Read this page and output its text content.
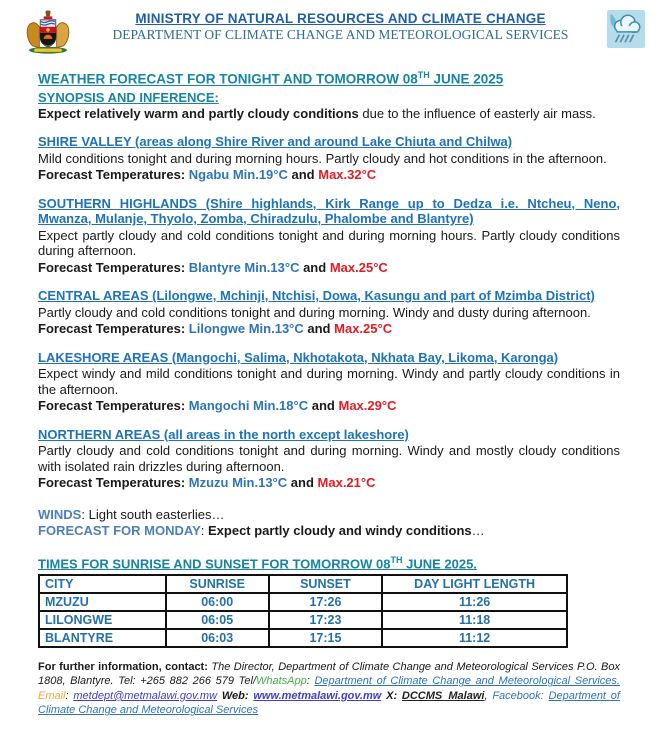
MINISTRY OF NATURAL RESOURCES AND CLIMATE CHANGE
DEPARTMENT OF CLIMATE CHANGE AND METEOROLOGICAL SERVICES
WEATHER FORECAST FOR TONIGHT AND TOMORROW 08TH JUNE 2025
SYNOPSIS AND INFERENCE:

Expect relatively warm and partly cloudy conditions due to the influence of easterly air mass.

SHIRE VALLEY (areas along Shire River and around Lake Chiuta and Chilwa)

Mild conditions tonight and during morning hours. Partly cloudy and hot conditions in the afternoon.

Forecast Temperatures: Ngabu Min.19°C and Max.32°C

SOUTHERN HIGHLANDS (Shire highlands, Kirk Range up to Dedza i.e. Ntcheu, Neno, Mwanza, Mulanje, Thyolo, Zomba, Chiradzulu, Phalombe and Blantyre)

Expect partly cloudy and cold conditions tonight and during morning hours. Partly cloudy conditions during afternoon.

Forecast Temperatures: Blantyre Min.13°C and Max.25°C

CENTRAL AREAS (Lilongwe, Mchinji, Ntchisi, Dowa, Kasungu and part of Mzimba District)

Partly cloudy and cold conditions tonight and during morning. Windy and dusty during afternoon.

Forecast Temperatures: Lilongwe Min.13°C and Max.25°C

LAKESHORE AREAS (Mangochi, Salima, Nkhotakota, Nkhata Bay, Likoma, Karonga)

Expect windy and mild conditions tonight and during morning. Windy and partly cloudy conditions in the afternoon.

Forecast Temperatures: Mangochi Min.18°C and Max.29°C

NORTHERN AREAS (all areas in the north except lakeshore)

Partly cloudy and cold conditions tonight and during morning. Windy and mostly cloudy conditions with isolated rain drizzles during afternoon.

Forecast Temperatures: Mzuzu Min.13°C and Max.21°C

WINDS: Light south easterlies…

FORECAST FOR MONDAY: Expect partly cloudy and windy conditions…

TIMES FOR SUNRISE AND SUNSET FOR TOMORROW 08TH JUNE 2025.
CITY	SUNRISE	SUNSET	DAY LIGHT LENGTH
MZUZU	06:00	17:26	11:26
LILONGWE	06:05	17:23	11:18
BLANTYRE	06:03	17:15	11:12

For further information, contact: The Director, Department of Climate Change and Meteorological Services P.O. Box 1808, Blantyre. Tel: +265 882 266 579 Tel/WhatsApp: Department of Climate Change and Meteorological Services. Email: metdept@metmalawi.gov.mw Web: www.metmalawi.gov.mw X: DCCMS_Malawi, Facebook: Department of Climate Change and Meteorological Services
